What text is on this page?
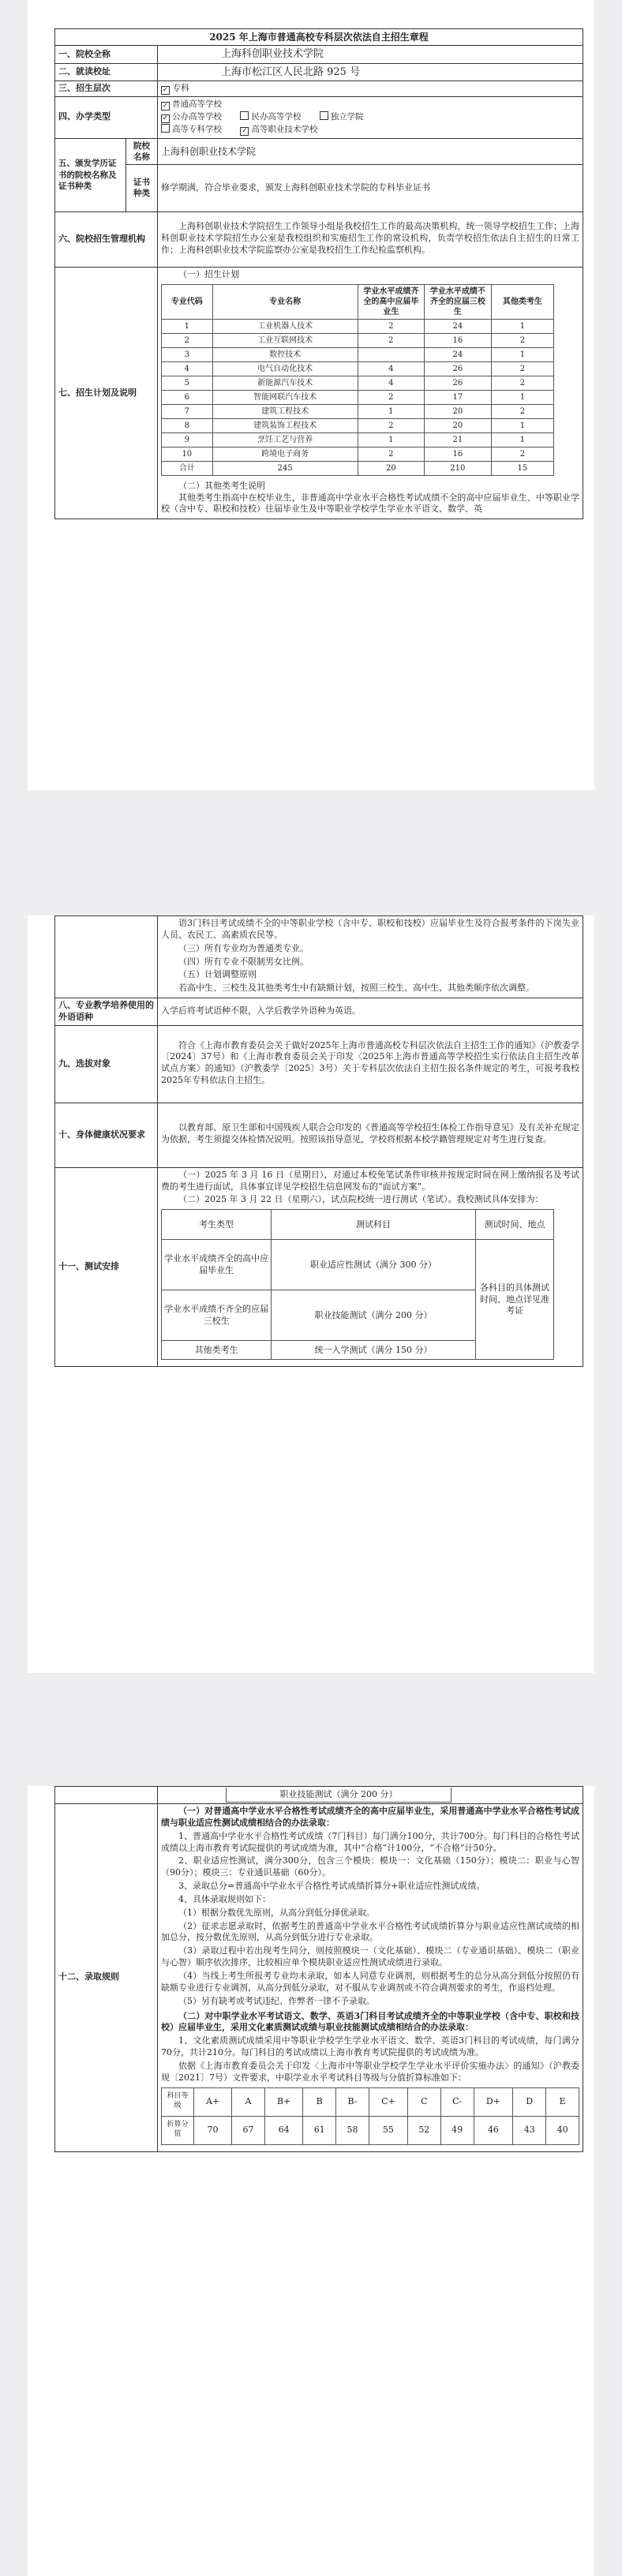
2025 年上海市普通高校专科层次依法自主招生章程
一、院校全称	上海科创职业技术学院
二、就读校址	上海市松江区人民北路 925 号
三、招生层次	✓ 专科
四、办学类型	
✓ 普通高等学校
✓ 公办高等学校	民办高等学校	独立学院
高等专科学校	✓ 高等职业技术学校

五、颁发学历证书的院校名称及证书种类	院校名称	上海科创职业技术学院
证书种类	修学期满，符合毕业要求，颁发上海科创职业技术学院的专科毕业证书
六、院校招生管理机构	

上海科创职业技术学院招生工作领导小组是我校招生工作的最高决策机构，统一领导学校招生工作；上海科创职业技术学院招生办公室是我校组织和实施招生工作的常设机构，负责学校招生依法自主招生的日常工作；上海科创职业技术学院监察办公室是我校招生工作纪检监察机构。

七、招生计划及说明	
（一）招生计划
专业代码	专业名称	学业水平成绩齐全的高中应届毕业生	学业水平成绩不齐全的应届三校生	其他类考生
1	工业机器人技术	2	24	1
2	工业互联网技术	2	16	2
3	数控技术		24	1
4	电气自动化技术	4	26	2
5	新能源汽车技术	4	26	2
6	智能网联汽车技术	2	17	1
7	建筑工程技术	1	20	2
8	建筑装饰工程技术	2	20	1
9	烹饪工艺与营养	1	21	1
10	跨境电子商务	2	16	2
合计	245	20	210	15
（二）其他类考生说明

其他类考生指高中在校毕业生，非普通高中学业水平合格性考试成绩不全的高中应届毕业生、中等职业学校（含中专、职校和技校）往届毕业生及中等职业学校学生学业水平语文、数学、英

语3门科目考试成绩不全的中等职业学校（含中专、职校和技校）应届毕业生及符合报考条件的下岗失业人员、农民工、高素质农民等。

（三）所有专业均为普通类专业。

（四）所有专业不限制男女比例。

（五）计划调整原则

若高中生、三校生及其他类考生中有缺额计划，按照三校生、高中生、其他类顺序依次调整。

八、专业教学培养使用的外语语种	入学后将考试语种不限，入学后教学外语种为英语。
九、选拔对象	

符合《上海市教育委员会关于做好2025年上海市普通高校专科层次依法自主招生工作的通知》（沪教委学〔2024〕37号）和《上海市教育委员会关于印发〈2025年上海市普通高等学校招生实行依法自主招生改革试点方案〉的通知》（沪教委学〔2025〕3号）关于专科层次依法自主招生报名条件规定的考生，可报考我校2025年专科依法自主招生。

十、身体健康状况要求	

以教育部、原卫生部和中国残疾人联合会印发的《普通高等学校招生体检工作指导意见》及有关补充规定为依据，考生须提交体检情况说明。按照该指导意见，学校将根据本校学籍管理规定对考生进行复查。

十一、测试安排	

（一）2025 年 3 月 16 日（星期日），对通过本校免笔试条件审核并按规定时间在网上缴纳报名及考试费的考生进行面试，具体事宜详见学校招生信息网发布的“面试方案”。

（二）2025 年 3 月 22 日（星期六），试点院校统一进行测试（笔试）。我校测试具体安排为：

考生类型	测试科目	测试时间、地点
学业水平成绩齐全的高中应届毕业生	职业适应性测试（满分 300 分）	各科目的具体测试时间、地点详见准考证
学业水平成绩不齐全的应届三校生	职业技能测试（满分 200 分）
其他类考生	统一入学测试（满分 150 分）

职业技能测试（满分 200 分）

十二、录取规则	

（一）对普通高中学业水平合格性考试成绩齐全的高中应届毕业生，采用普通高中学业水平合格性考试成绩与职业适应性测试成绩相结合的办法录取：

1、普通高中学业水平合格性考试成绩（7门科目）每门满分100分，共计700分。每门科目的合格性考试成绩以上海市教育考试院提供的考试成绩为准，其中“合格”计100分，“不合格”计50分。

2、职业适应性测试，满分300分，包含三个模块：模块一：文化基础（150分）；模块二：职业与心智（90分）；模块三：专业通识基础（60分）。

3、录取总分=普通高中学业水平合格性考试成绩折算分+职业适应性测试成绩。

4、具体录取规则如下：

（1）根据分数优先原则，从高分到低分择优录取。

（2）征求志愿录取时，依据考生的普通高中学业水平合格性考试成绩折算分与职业适应性测试成绩的相加总分，按分数优先原则，从高分到低分进行专业录取。

（3）录取过程中若出现考生同分，则按照模块一（文化基础）、模块二（专业通识基础）、模块二（职业与心智）顺序依次排序，比较相应单个模块职业适应性测试成绩进行录取。

（4）当线上考生所报考专业均未录取，如本人同意专业调剂，则根据考生的总分从高分到低分按照仍有缺额专业进行专业调剂，从高分到低分录取，对不服从专业调剂或不符合调剂要求的考生，作退档处理。

（5）另有缺考或考试违纪、作弊者一律不予录取。

（二）对中职学业水平考试语文、数学、英语3门科目考试成绩齐全的中等职业学校（含中专、职校和技校）应届毕业生，采用文化素质测试成绩与职业技能测试成绩相结合的办法录取：

1、文化素质测试成绩采用中等职业学校学生学业水平语文、数学、英语3门科目的考试成绩，每门满分70分，共计210分。每门科目的考试成绩以上海市教育考试院提供的考试成绩为准。

依据《上海市教育委员会关于印发〈上海市中等职业学校学生学业水平评价实施办法〉的通知》（沪教委规〔2021〕7号）文件要求，中职学业水平考试科目等级与分值折算标准如下：

科目等级	A+	A	B+	B	B-	C+	C	C-	D+	D	E
折算分值	70	67	64	61	58	55	52	49	46	43	40
